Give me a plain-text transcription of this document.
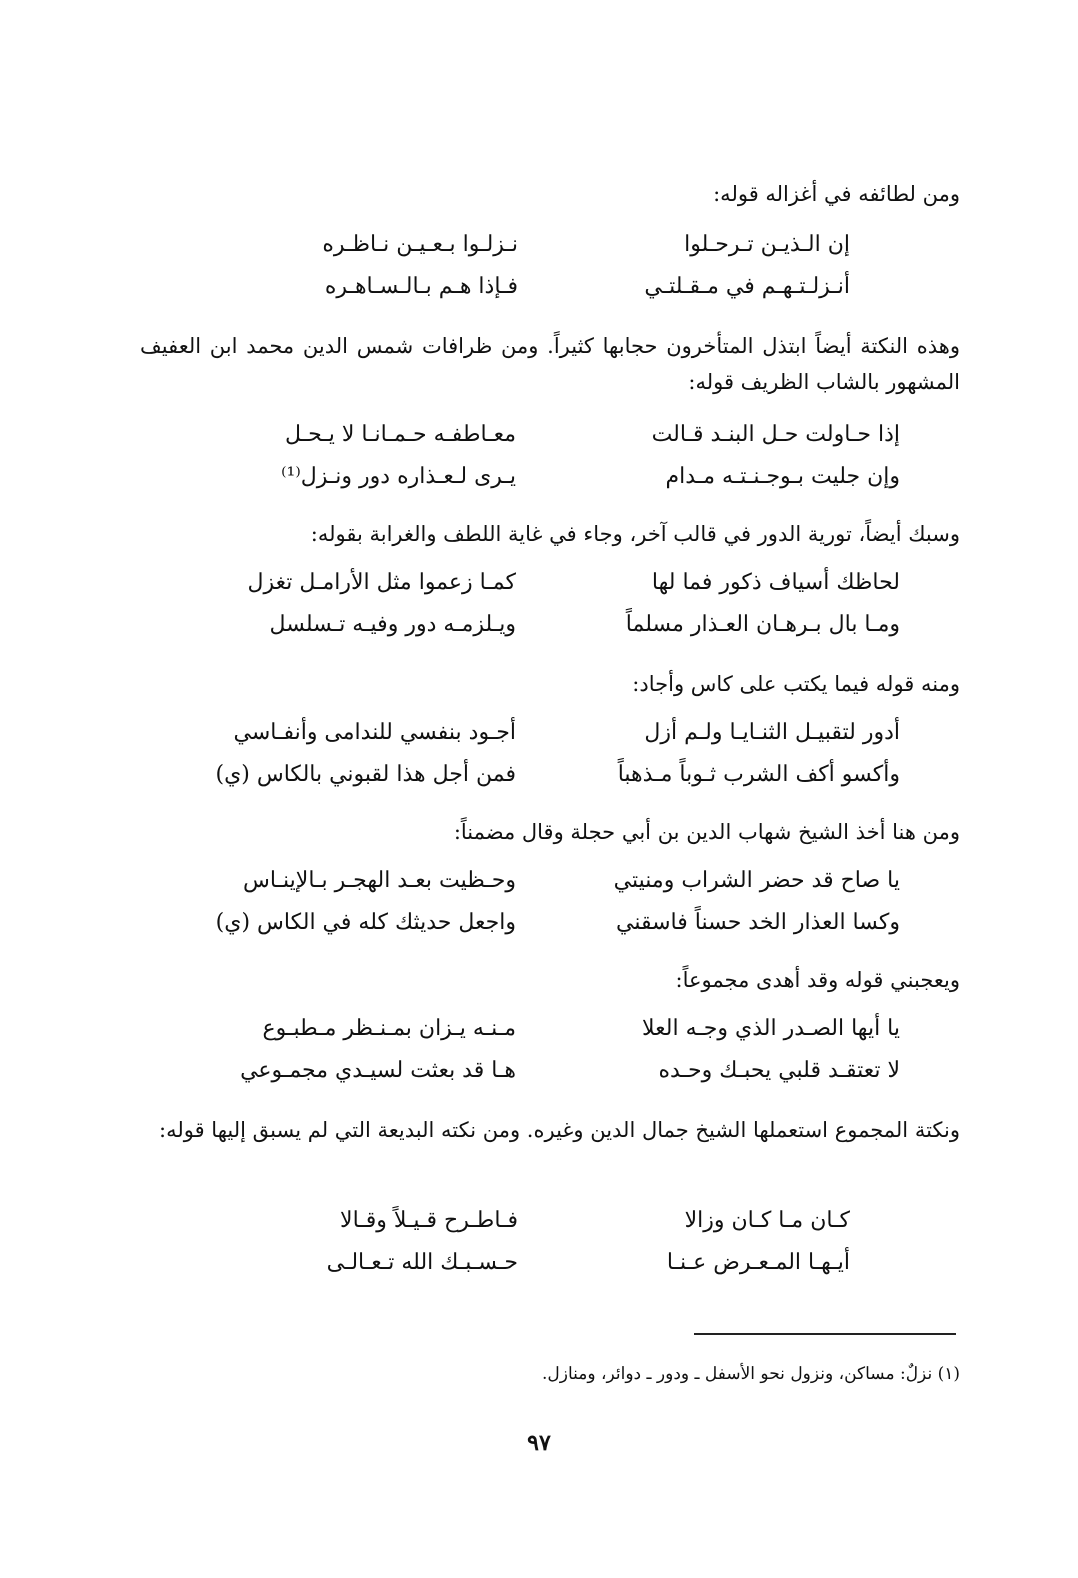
ومن لطائفه في أغزاله قوله:
إن الـذيـن تـرحـلوا
نـزلـوا بـعـيـن نـاظـره
أنـزلـتـهـم في مـقـلتـي
فـإذا هـم بـالـسـاهـره
وهذه النكتة أيضاً ابتذل المتأخرون حجابها كثيراً. ومن ظرافات شمس الدين محمد ابن العفيف المشهور بالشاب الظريف قوله:
إذا حـاولت حـل البنـد قـالت
معـاطفـه حـمـانـا لا يـحـل
وإن جليت بـوجـنـتـه مـدام
يـرى لـعـذاره دور ونـزل⁽¹⁾
وسبك أيضاً، تورية الدور في قالب آخر، وجاء في غاية اللطف والغرابة بقوله:
لحاظك أسياف ذكور فما لها
كمـا زعموا مثل الأرامـل تغزل
ومـا بال بـرهـان العـذار مسلماً
ويـلزمـه دور وفيـه تـسلسل
ومنه قوله فيما يكتب على كاس وأجاد:
أدور لتقبيـل الثنـايـا ولـم أزل
أجـود بنفسي للندامى وأنفـاسي
وأكسو أكف الشرب ثـوباً مـذهباً
فمن أجل هذا لقبوني بالكاس (ي)
ومن هنا أخذ الشيخ شهاب الدين بن أبي حجلة وقال مضمناً:
يا صاح قد حضر الشراب ومنيتي
وحـظيت بعـد الهجـر بـالإينـاس
وكسا العذار الخد حسناً فاسقني
واجعل حديثك كله في الكاس (ي)
ويعجبني قوله وقد أهدى مجموعاً:
يا أيها الصـدر الذي وجـه العلا
مـنـه يـزان بمـنـظر مـطبـوع
لا تعتقـد قلبي يحبـك وحـده
هـا قد بعثت لسيـدي مجمـوعي
ونكتة المجموع استعملها الشيخ جمال الدين وغيره. ومن نكته البديعة التي لم يسبق إليها قوله:
كـان مـا كـان وزالا
فـاطـرح قـيـلاً وقـالا
أيـهـا المـعـرض عـنـا
حـسـبـك الله تـعـالـى
(١) نزلٌ: مساكن، ونزول نحو الأسفل ـ ودور ـ دوائر، ومنازل.
٩٧
